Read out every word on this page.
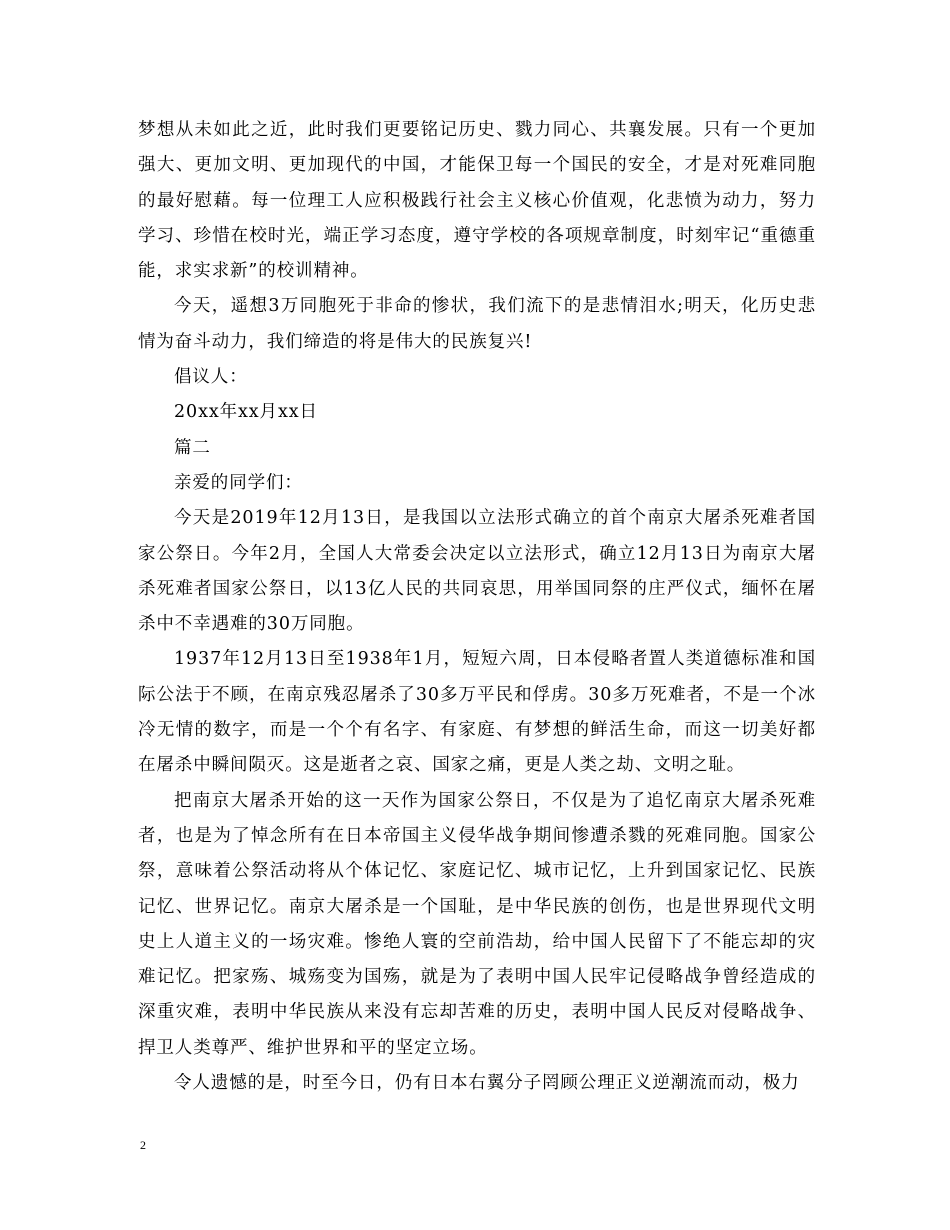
梦想从未如此之近，此时我们更要铭记历史、戮力同心、共襄发展。只有一个更加强大、更加文明、更加现代的中国，才能保卫每一个国民的安全，才是对死难同胞的最好慰藉。每一位理工人应积极践行社会主义核心价值观，化悲愤为动力，努力学习、珍惜在校时光，端正学习态度，遵守学校的各项规章制度，时刻牢记“重德重能，求实求新”的校训精神。

今天，遥想3万同胞死于非命的惨状，我们流下的是悲情泪水;明天，化历史悲情为奋斗动力，我们缔造的将是伟大的民族复兴!

倡议人：

20xx年xx月xx日

篇二

亲爱的同学们：

今天是2019年12月13日，是我国以立法形式确立的首个南京大屠杀死难者国家公祭日。今年2月，全国人大常委会决定以立法形式，确立12月13日为南京大屠杀死难者国家公祭日，以13亿人民的共同哀思，用举国同祭的庄严仪式，缅怀在屠杀中不幸遇难的30万同胞。

1937年12月13日至1938年1月，短短六周，日本侵略者置人类道德标准和国际公法于不顾，在南京残忍屠杀了30多万平民和俘虏。30多万死难者，不是一个冰冷无情的数字，而是一个个有名字、有家庭、有梦想的鲜活生命，而这一切美好都在屠杀中瞬间陨灭。这是逝者之哀、国家之痛，更是人类之劫、文明之耻。

把南京大屠杀开始的这一天作为国家公祭日，不仅是为了追忆南京大屠杀死难者，也是为了悼念所有在日本帝国主义侵华战争期间惨遭杀戮的死难同胞。国家公祭，意味着公祭活动将从个体记忆、家庭记忆、城市记忆，上升到国家记忆、民族记忆、世界记忆。南京大屠杀是一个国耻，是中华民族的创伤，也是世界现代文明史上人道主义的一场灾难。惨绝人寰的空前浩劫，给中国人民留下了不能忘却的灾难记忆。把家殇、城殇变为国殇，就是为了表明中国人民牢记侵略战争曾经造成的深重灾难，表明中华民族从来没有忘却苦难的历史，表明中国人民反对侵略战争、捍卫人类尊严、维护世界和平的坚定立场。

令人遗憾的是，时至今日，仍有日本右翼分子罔顾公理正义逆潮流而动，极力

2
